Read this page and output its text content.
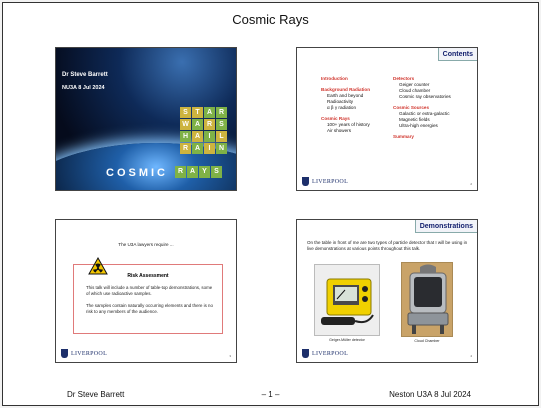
Cosmic Rays
Dr Steve Barrett
NU3A 8 Jul 2024
S	T	A R
W A R	S
H A	I	L
R A	I	N
COSMIC	R A	Y	S
Contents
Introduction
Background Radiation
Earth and beyond
Radioactivity
α β γ radiation
Cosmic Rays
100+ years of history
Air showers
Detectors
Geiger counter
Cloud chamber
Cosmic ray observatories
Cosmic Sources
Galactic or extra-galactic
Magnetic fields
Ultra-high energies
Summary
LIVERPOOL	2
The U3A lawyers require ...
Risk Assessment
This talk will include a number of table-top demonstrations, some of which use radioactive samples.
The samples contain naturally occurring elements and there is no risk to any members of the audience.
LIVERPOOL	3
Demonstrations
On the table in front of me are two types of particle detector that I will be using in live demonstrations at various points throughout this talk.
Geiger-Müller detector	Cloud Chamber
LIVERPOOL	4
Dr Steve Barrett	– 1 –	Neston U3A 8 Jul 2024
